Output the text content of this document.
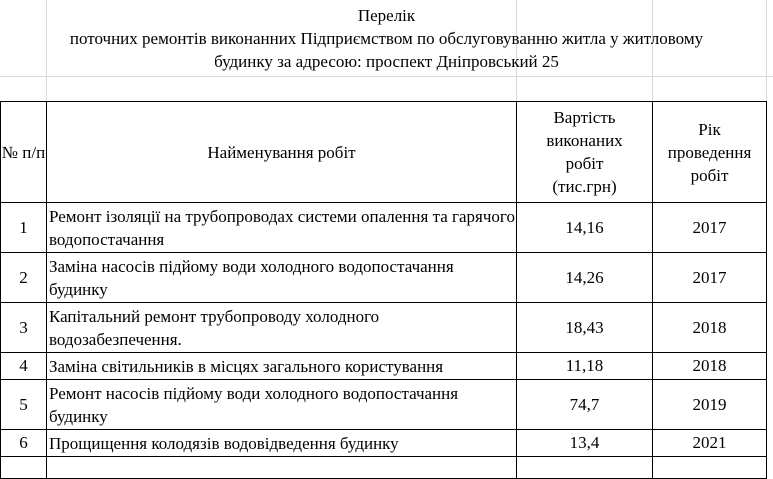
Перелік
поточних ремонтів виконанних Підприємством по обслуговуванню житла у житловому
будинку за адресою: проспект Дніпровський 25
№ п/п	Найменування робіт	Вартість виконаних робіт (тис.грн)	Рік проведення робіт
1	Ремонт ізоляції на трубопроводах системи опалення та гарячого водопостачання	14,16	2017
2	Заміна насосів підйому води холодного водопостачання будинку	14,26	2017
3	Капітальний ремонт трубопроводу холодного водозабезпечення.	18,43	2018
4	Заміна світильників в місцях загального користування	11,18	2018
5	Ремонт насосів підйому води холодного водопостачання будинку	74,7	2019
6	Прощищення колодязів водовідведення будинку	13,4	2021
